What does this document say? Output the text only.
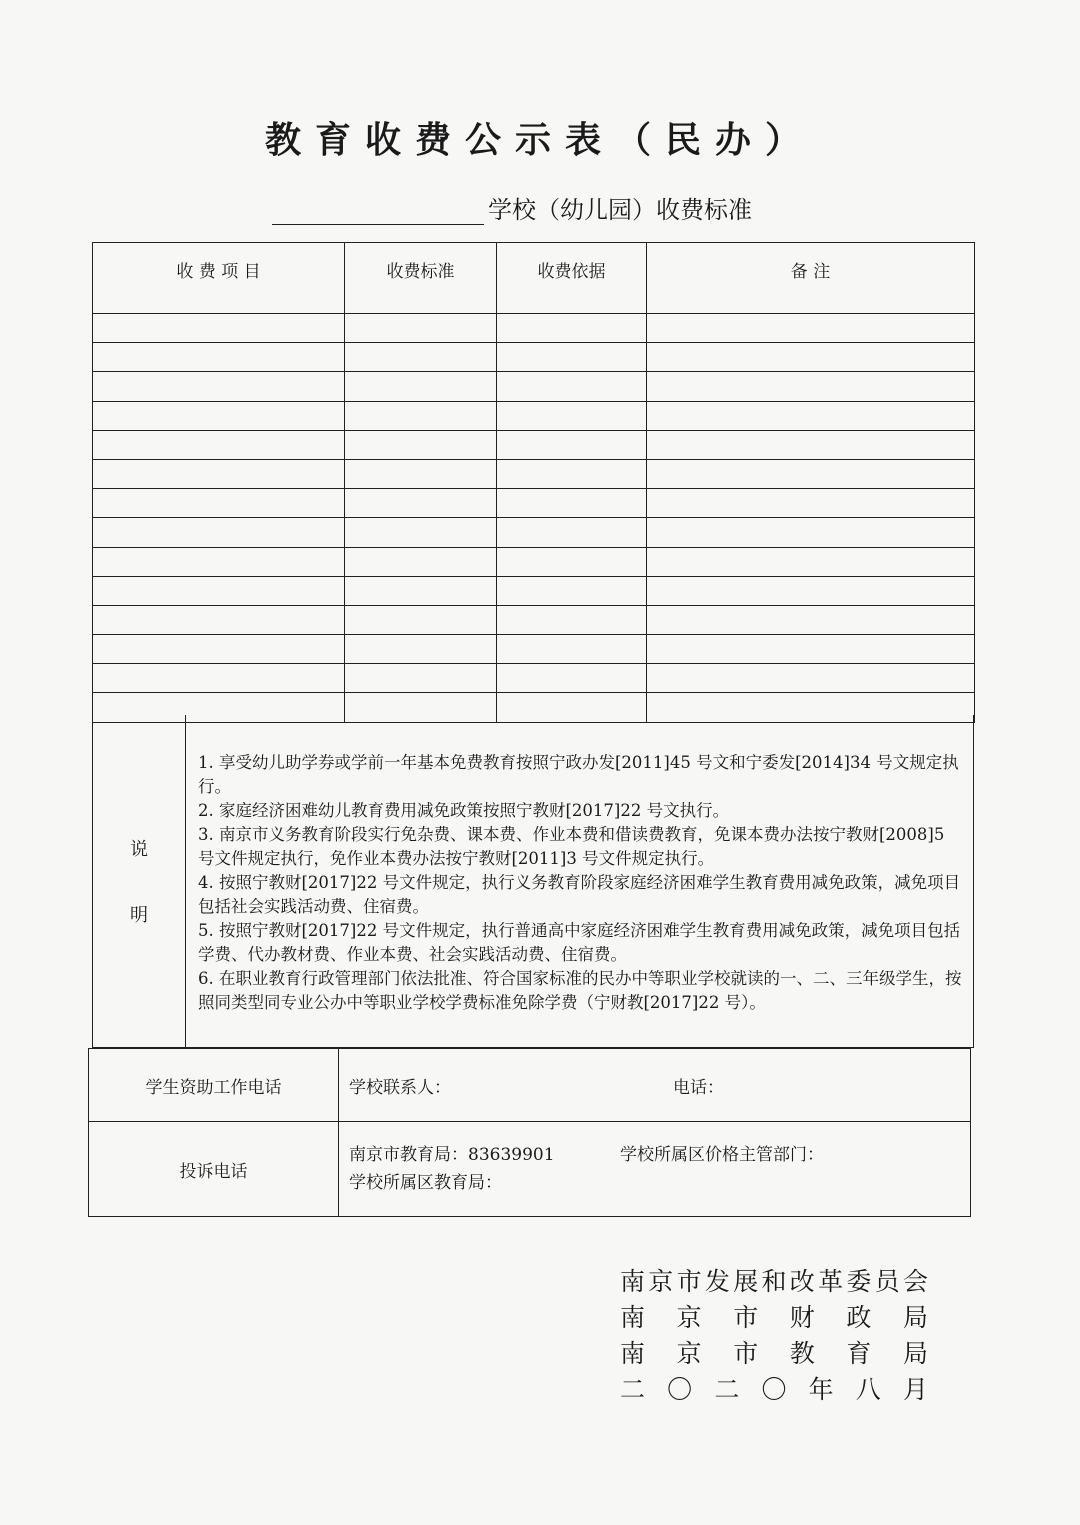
教育收费公示表（民办）
学校（幼儿园）收费标准
收 费 项 目	收费标准	收费依据	备 注

说
明

1. 享受幼儿助学券或学前一年基本免费教育按照宁政办发[2011]45 号文和宁委发[2014]34 号文规定执行。

2. 家庭经济困难幼儿教育费用减免政策按照宁教财[2017]22 号文执行。

3. 南京市义务教育阶段实行免杂费、课本费、作业本费和借读费教育，免课本费办法按宁教财[2008]5 号文件规定执行，免作业本费办法按宁教财[2011]3 号文件规定执行。

4. 按照宁教财[2017]22 号文件规定，执行义务教育阶段家庭经济困难学生教育费用减免政策，减免项目包括社会实践活动费、住宿费。

5. 按照宁教财[2017]22 号文件规定，执行普通高中家庭经济困难学生教育费用减免政策，减免项目包括学费、代办教材费、作业本费、社会实践活动费、住宿费。

6. 在职业教育行政管理部门依法批准、符合国家标准的民办中等职业学校就读的一、二、三年级学生，按照同类型同专业公办中等职业学校学费标准免除学费（宁财教[2017]22 号）。

学生资助工作电话	学校联系人： 电话：

投诉电话	南京市教育局：83639901
学校所属区教育局：
学校所属区价格主管部门：
南 京 市 发 展 和 改 革 委 员 会
南 京 市 财 政 局
南 京 市 教 育 局
二 〇 二 〇 年 八 月
